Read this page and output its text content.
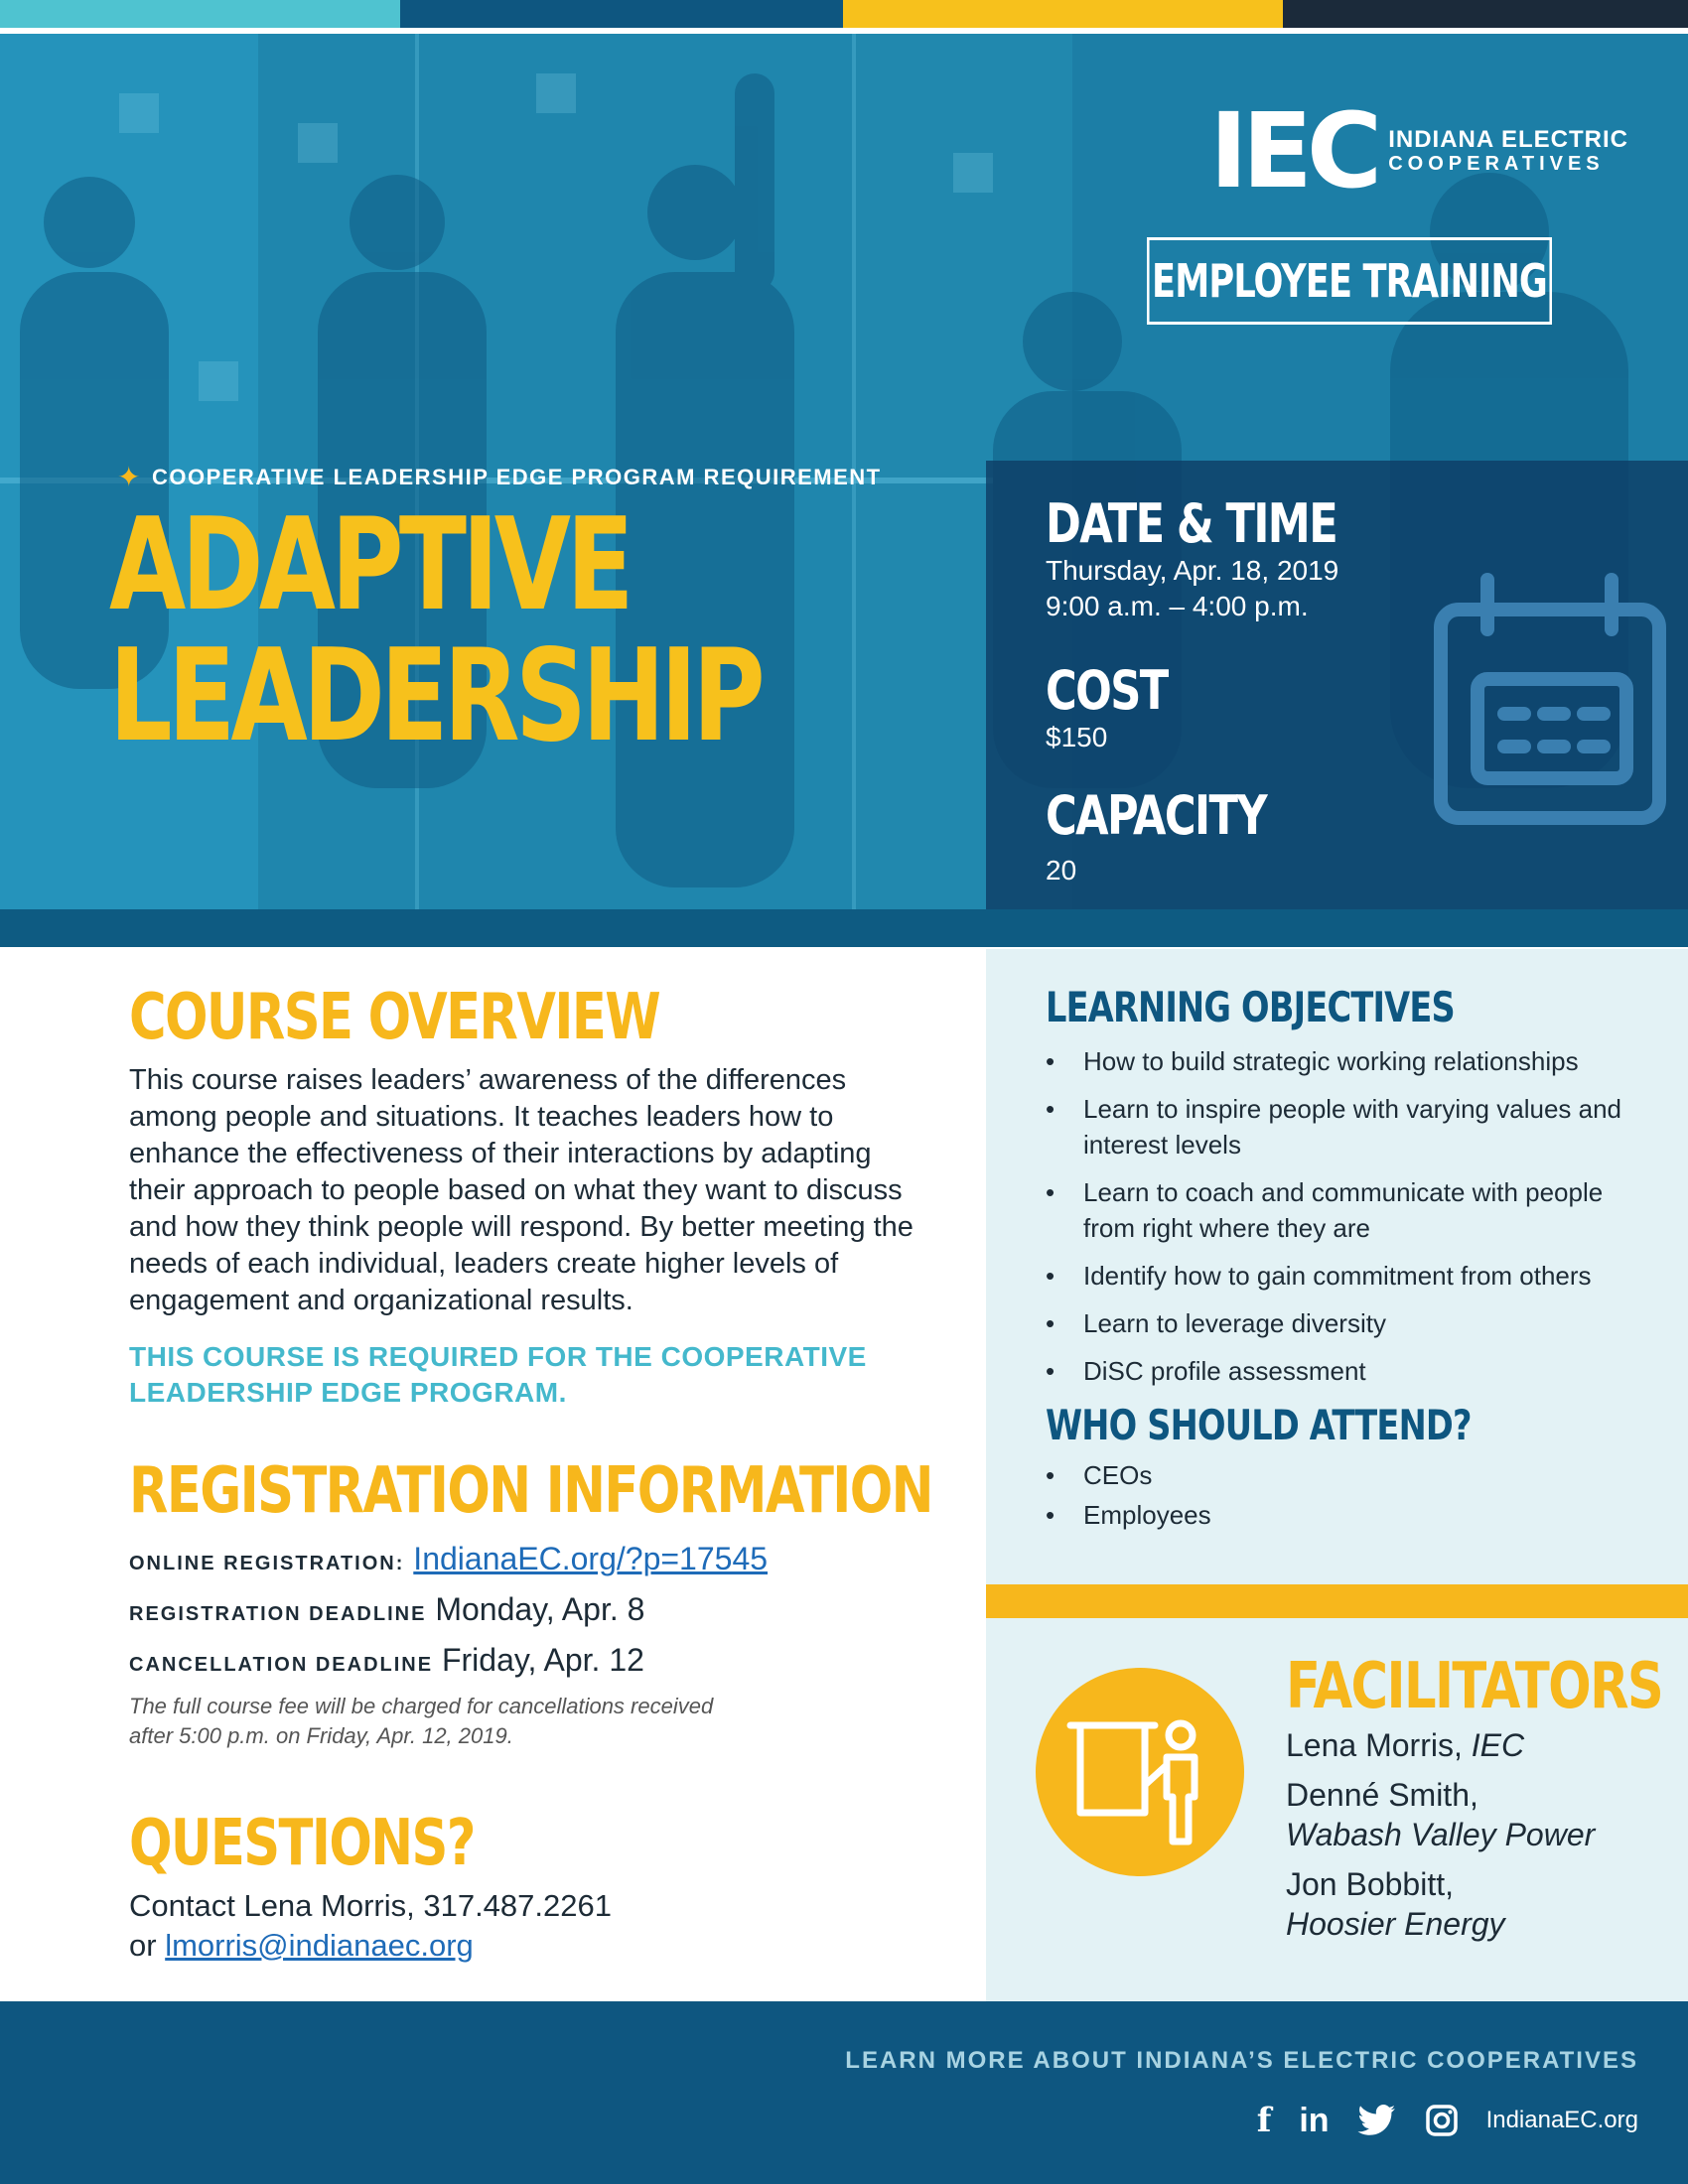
IEC INDIANA ELECTRIC
COOPERATIVES
EMPLOYEE TRAINING
✦ COOPERATIVE LEADERSHIP EDGE PROGRAM REQUIREMENT
ADAPTIVE
LEADERSHIP
DATE & TIME
Thursday, Apr. 18, 2019
9:00 a.m. – 4:00 p.m.
COST
$150
CAPACITY
20
COURSE OVERVIEW
This course raises leaders’ awareness of the differences among people and situations. It teaches leaders how to enhance the effectiveness of their interactions by adapting their approach to people based on what they want to discuss and how they think people will respond. By better meeting the needs of each individual, leaders create higher levels of engagement and organizational results.
THIS COURSE IS REQUIRED FOR THE COOPERATIVE LEADERSHIP EDGE PROGRAM.
REGISTRATION INFORMATION
ONLINE REGISTRATION: IndianaEC.org/?p=17545
REGISTRATION DEADLINE Monday, Apr. 8
CANCELLATION DEADLINE Friday, Apr. 12
The full course fee will be charged for cancellations received after 5:00 p.m. on Friday, Apr. 12, 2019.
QUESTIONS?
Contact Lena Morris, 317.487.2261
or lmorris@indianaec.org
LEARNING OBJECTIVES
• How to build strategic working relationships
• Learn to inspire people with varying values and interest levels
• Learn to coach and communicate with people from right where they are
• Identify how to gain commitment from others
• Learn to leverage diversity
• DiSC profile assessment
WHO SHOULD ATTEND?
• CEOs
• Employees
FACILITATORS
Lena Morris, IEC
Denné Smith,
Wabash Valley Power
Jon Bobbitt,
Hoosier Energy
LEARN MORE ABOUT INDIANA’S ELECTRIC COOPERATIVES
f in	IndianaEC.org
